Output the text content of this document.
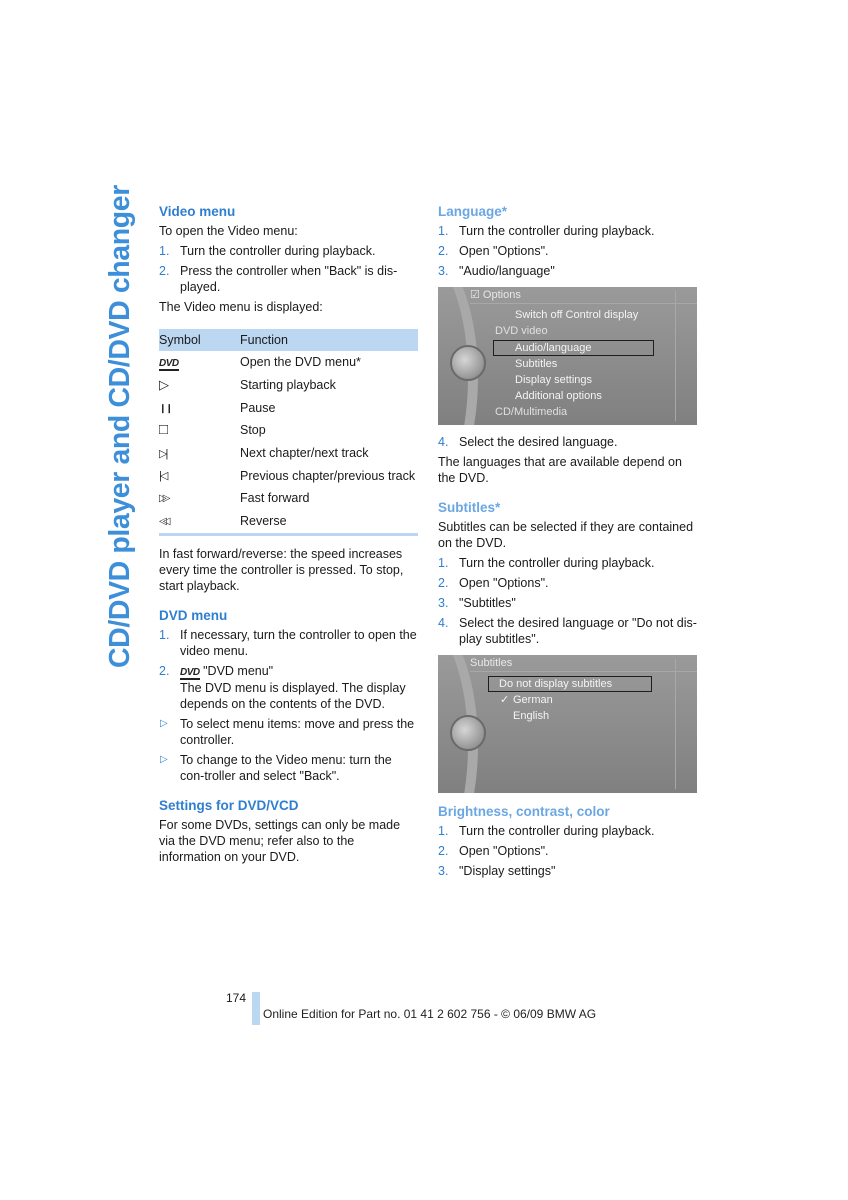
CD/DVD player and CD/DVD changer Video menu

To open the Video menu:

1. Turn the controller during playback.
2. Press the controller when "Back" is dis-played.

The Video menu is displayed:

Symbol	Function
DVD	Open the DVD menu*
▷	Starting playback
❙❙	Pause
□	Stop
▷|	Next chapter/next track
|◁	Previous chapter/previous track
▷▷	Fast forward
◁◁	Reverse

In fast forward/reverse: the speed increases every time the controller is pressed. To stop, start playback.

DVD menu
1. If necessary, turn the controller to open the video menu.
2. DVD "DVD menu"
The DVD menu is displayed. The display depends on the contents of the DVD.
▷ To select menu items: move and press the controller.
▷ To change to the Video menu: turn the con-troller and select "Back".
Settings for DVD/VCD

For some DVDs, settings can only be made via the DVD menu; refer also to the information on your DVD.

Language*
1. Turn the controller during playback.
2. Open "Options".
3. "Audio/language"
☑ Options
Switch off Control display
DVD video
Audio/language
Subtitles
Display settings
Additional options
CD/Multimedia
4. Select the desired language.

The languages that are available depend on the DVD.

Subtitles*

Subtitles can be selected if they are contained on the DVD.

1. Turn the controller during playback.
2. Open "Options".
3. "Subtitles"
4. Select the desired language or "Do not dis-play subtitles".
Subtitles
Do not display subtitles
✓ German
English
Brightness, contrast, color
1. Turn the controller during playback.
2. Open "Options".
3. "Display settings"
174
Online Edition for Part no. 01 41 2 602 756 - © 06/09 BMW AG
